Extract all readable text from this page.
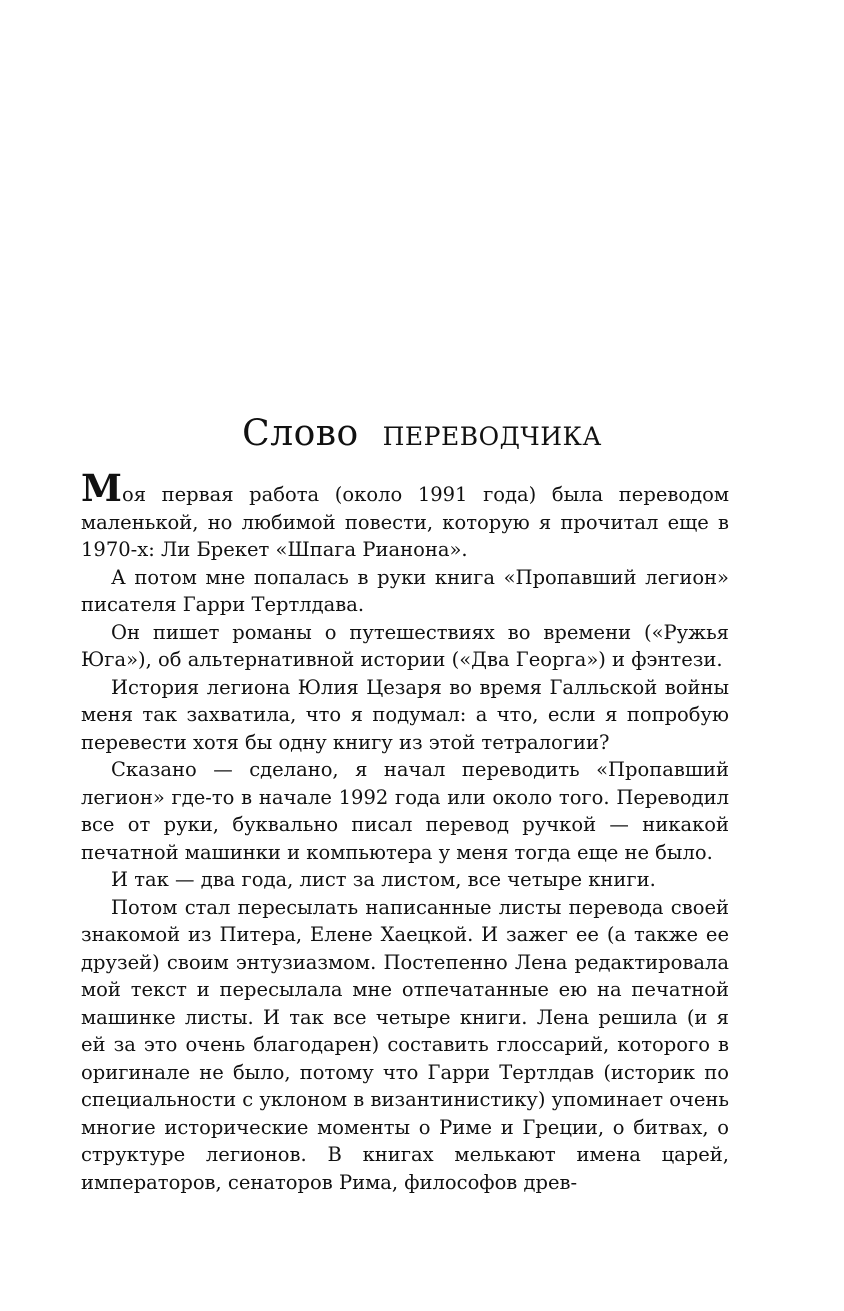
Слово переводчика

Моя первая работа (около 1991 года) была переводом маленькой, но любимой повести, которую я прочитал еще в 1970-х: Ли Брекет «Шпага Рианона».

А потом мне попалась в руки книга «Пропавший легион» писателя Гарри Тертлдава.

Он пишет романы о путешествиях во времени («Ружья Юга»), об альтернативной истории («Два Георга») и фэнтези.

История легиона Юлия Цезаря во время Галльской войны меня так захватила, что я подумал: а что, если я попробую перевести хотя бы одну книгу из этой тетралогии?

Сказано — сделано, я начал переводить «Пропавший легион» где-то в начале 1992 года или около того. Переводил все от руки, буквально писал перевод ручкой — никакой печатной машинки и компьютера у меня тогда еще не было.

И так — два года, лист за листом, все четыре книги.

Потом стал пересылать написанные листы перевода своей знакомой из Питера, Елене Хаецкой. И зажег ее (а также ее друзей) своим энтузиазмом. Постепенно Лена редактировала мой текст и пересылала мне отпечатанные ею на печатной машинке листы. И так все четыре книги. Лена решила (и я ей за это очень благодарен) составить глоссарий, которого в оригинале не было, потому что Гарри Тертлдав (историк по специальности с уклоном в византинистику) упоминает очень многие исторические моменты о Риме и Греции, о битвах, о структуре легионов. В книгах мелькают имена царей, императоров, сенаторов Рима, философов древ-
